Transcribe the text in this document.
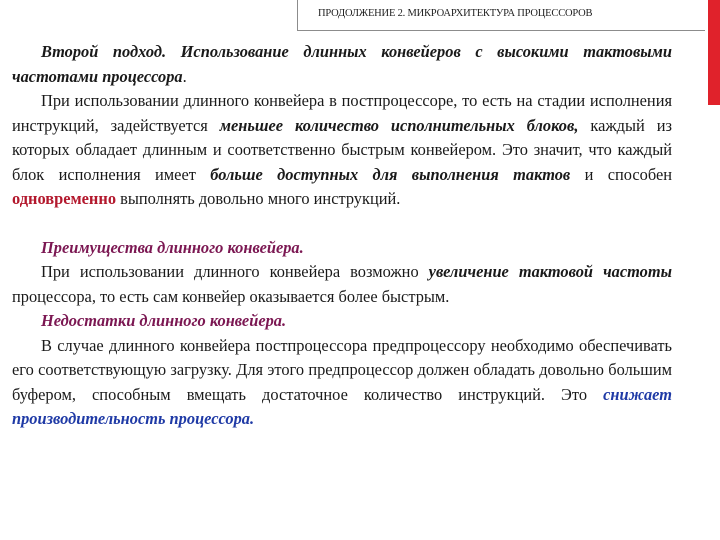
ПРОДОЛЖЕНИЕ 2. МИКРОАРХИТЕКТУРА ПРОЦЕССОРОВ

Второй подход. Использование длинных конвейеров с высокими тактовыми частотами процессора.

При использовании длинного конвейера в постпроцессоре, то есть на стадии исполнения инструкций, задействуется меньшее количество исполнительных блоков, каждый из которых обладает длинным и соответственно быстрым конвейером. Это значит, что каждый блок исполнения имеет больше доступных для выполнения тактов и способен одновременно выполнять довольно много инструкций.

Преимущества длинного конвейера.

При использовании длинного конвейера возможно увеличение тактовой частоты процессора, то есть сам конвейер оказывается более быстрым.

Недостатки длинного конвейера.

В случае длинного конвейера постпроцессора предпроцессору необходимо обеспечивать его соответствующую загрузку. Для этого предпроцессор должен обладать довольно большим буфером, способным вмещать достаточное количество инструкций. Это снижает производительность процессора.
